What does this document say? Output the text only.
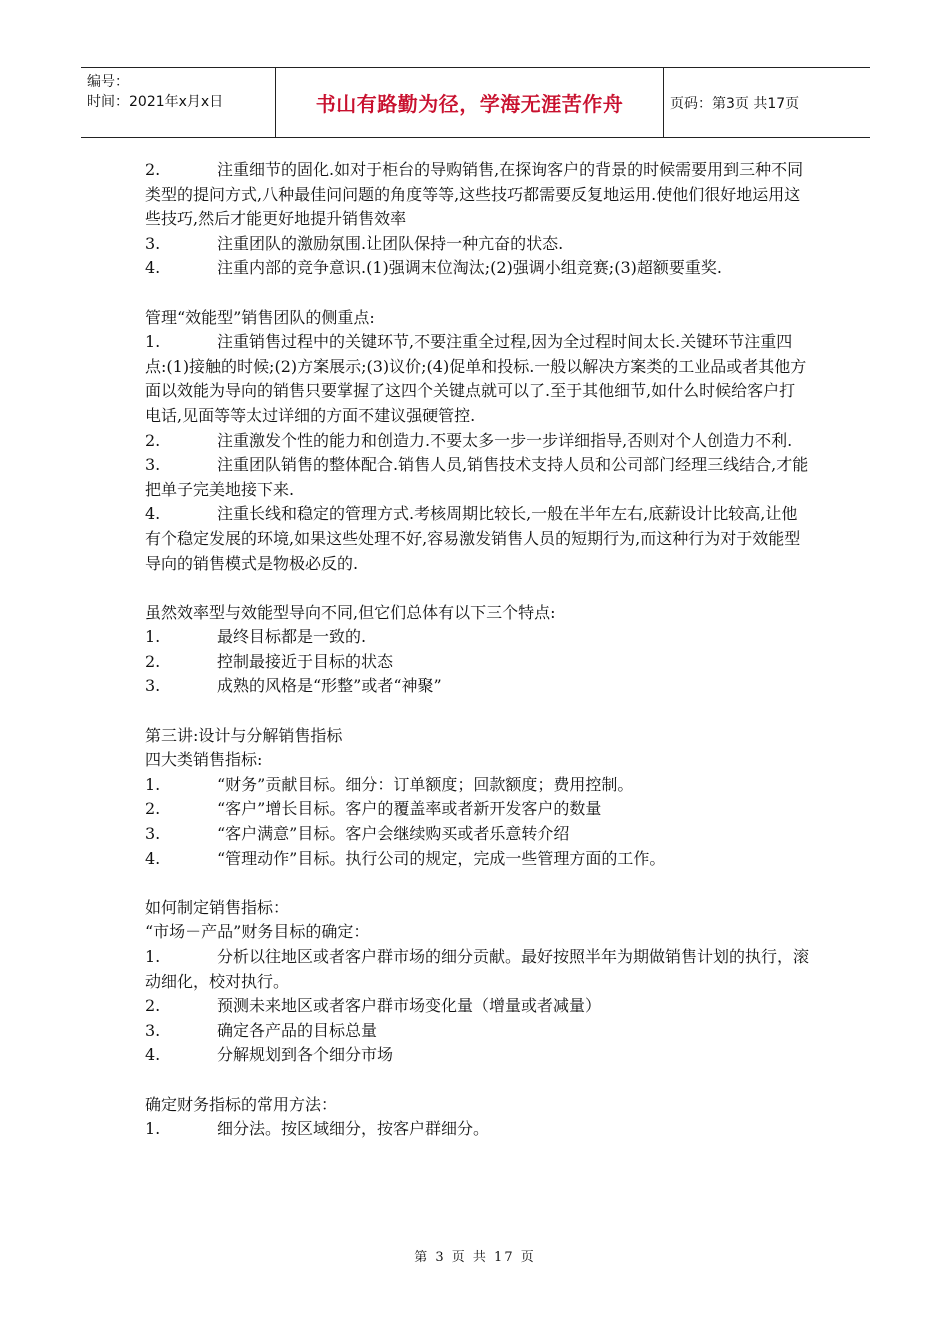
编号：
时间：2021年x月x日	书山有路勤为径，学海无涯苦作舟	页码：第3页 共17页
2.	注重细节的固化.如对于柜台的导购销售,在探询客户的背景的时候需要用到三种不同类型的提问方式,八种最佳问问题的角度等等,这些技巧都需要反复地运用.使他们很好地运用这些技巧,然后才能更好地提升销售效率
3.	注重团队的激励氛围.让团队保持一种亢奋的状态.
4.	注重内部的竞争意识.(1)强调末位淘汰;(2)强调小组竞赛;(3)超额要重奖.

管理“效能型”销售团队的侧重点:

1.	注重销售过程中的关键环节,不要注重全过程,因为全过程时间太长.关键环节注重四点:(1)接触的时候;(2)方案展示;(3)议价;(4)促单和投标.一般以解决方案类的工业品或者其他方面以效能为导向的销售只要掌握了这四个关键点就可以了.至于其他细节,如什么时候给客户打电话,见面等等太过详细的方面不建议强硬管控.
2.	注重激发个性的能力和创造力.不要太多一步一步详细指导,否则对个人创造力不利.
3.	注重团队销售的整体配合.销售人员,销售技术支持人员和公司部门经理三线结合,才能把单子完美地接下来.
4.	注重长线和稳定的管理方式.考核周期比较长,一般在半年左右,底薪设计比较高,让他有个稳定发展的环境,如果这些处理不好,容易激发销售人员的短期行为,而这种行为对于效能型导向的销售模式是物极必反的.

虽然效率型与效能型导向不同,但它们总体有以下三个特点:

1.	最终目标都是一致的.
2.	控制最接近于目标的状态
3.	成熟的风格是“形整”或者“神聚”

第三讲:设计与分解销售指标

四大类销售指标:

1.	“财务”贡献目标。细分：订单额度；回款额度；费用控制。
2.	“客户”增长目标。客户的覆盖率或者新开发客户的数量
3.	“客户满意”目标。客户会继续购买或者乐意转介绍
4.	“管理动作”目标。执行公司的规定，完成一些管理方面的工作。

如何制定销售指标：

“市场－产品”财务目标的确定：

1.	分析以往地区或者客户群市场的细分贡献。最好按照半年为期做销售计划的执行，滚动细化，校对执行。
2.	预测未来地区或者客户群市场变化量（增量或者减量）
3.	确定各产品的目标总量
4.	分解规划到各个细分市场

确定财务指标的常用方法：

1.	细分法。按区域细分，按客户群细分。
第 3 页 共 17 页
